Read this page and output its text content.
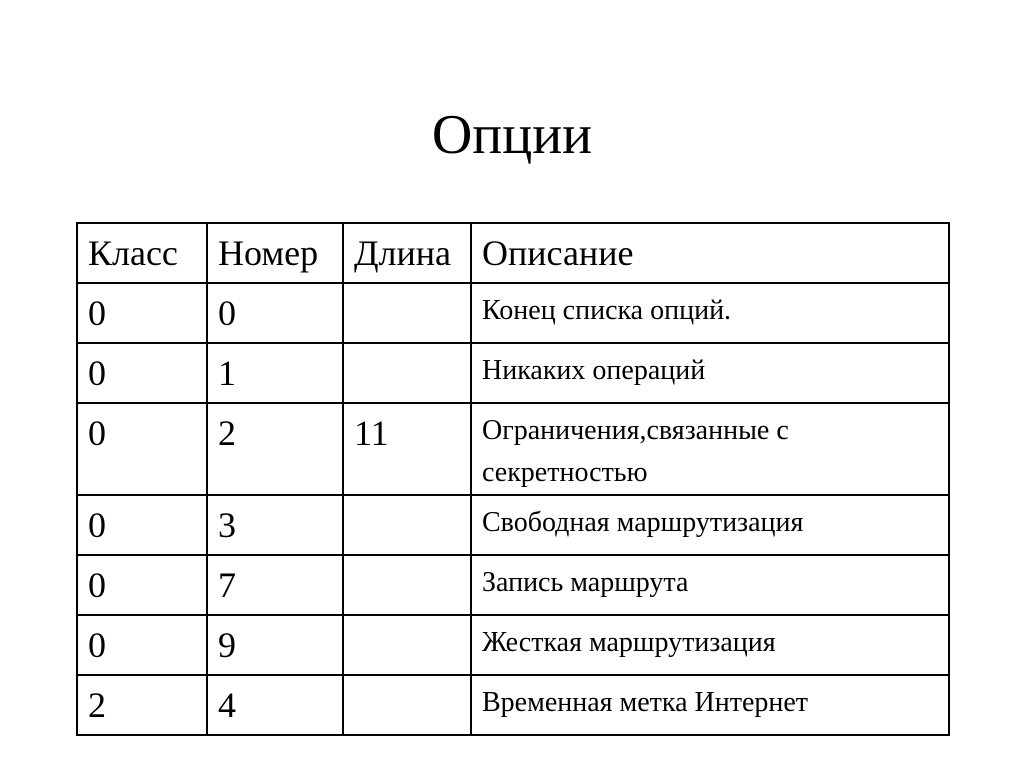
Опции
Класс	Номер	Длина	Описание
0	0		Конец списка опций.
0	1		Никаких операций
0	2	11	Ограничения,связанные с секретностью
0	3		Свободная маршрутизация
0	7		Запись маршрута
0	9		Жесткая маршрутизация
2	4		Временная метка Интернет
